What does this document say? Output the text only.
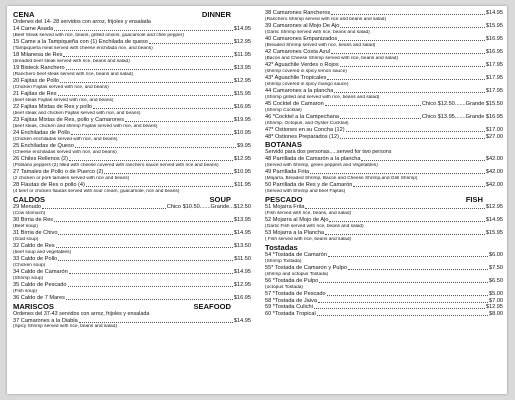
CENA	DINNER
Órdenes del 14- 28 servidos con arroz, frijoles y ensalada
14 Carne Asada	$14.95
(Beef Steak served with rice, beans, grilled onions, guacamole and chile pepper)
15 Came a la Tampiqueña con (1) Enchilada de queso	$12.95
(Tampiqueña meat served with cheese enchilada rice, and beans)
18 Milanesa de Res	$11.95
(breaded beef steak served with rice, beans and salad)
19 Bisteck Ranchero	$13.95
(Ranchero beef steak served with rice, beans and salad)
20 Fajitas de Pollo	$12.95
(Chicken Fajitas served with rice, and beans)
21 Fajitas de Res	$15.95
(beef steak Fajitas served with rice, and beans)
22 Fajitas Mixtas de Res y pollo	$16.95
(beef steak and chicken Fajitas served with rice, and beans)
23 Fajitas Mixtas de Res, pollo y Camarones	$19.95
(beef steak, chicken and shrimp Fajitas served with rice, and beans)
24 Enchiladas de Pollo	$10.95
(Chicken enchiladas served with rice, and beans)
25 Enchiladas de Queso	$9.95
(Cheese enchiladas served with rice, and beans)
26 Chiles Rellenos (2)	$12.95
(Poblano peppers (2) filled with cheese covered with ranchero sauce served with rice and beans)
27 Tamales de Pollo o de Puerco (2)	$10.95
(2 chicken or pork tamales served with rice and beans)
28 Flautas de Res o pollo (4)	$11.95
(4 beef or chicken flautas served with sour cream, guacamole, rice and beans)
CALDOS	SOUP
29 Menudo	Chico $10.50.......Grande...$12.50
(Cow stomach)
30 Birria de Res	$13.95
(Beef soup)
31 Birria de Chivo	$14.95
(Goat soup)
32 Caldo de Res	$13.50
(beef soup and vegetables)
33 Caldo de Pollo	$11.50
(Chicken soup)
34 Caldo de Camarón	$14.95
(Shrimp soup)
35 Caldo de Pescado	$12.95
(Fish soup)
36 Caldo de 7 Mares	$16.95
MARISCOS	SEAFOOD
Órdenes del 37-43 servidos con arroz, frijoles y ensalada
37 Camarones a la Diabla	$14.95
(Spicy Shrimp served with rice, beans and salad)
38 Camarones Rancheros	$14.95
(Ranchero Shrimp served with rice and beans and salad)
39 Camarones al Mojo De Ajo	$15.95
(Garlic Shrimp served with rice, beans and salad)
40 Camarones Empanizados	$16.95
(Breaded Shrimp served with rice, beans and salad)
42 Camarones Costa Azul	$16.95
(Bacon and Cheese Shrimp served with rice, beans and salad)
42* Aguachile Verdes o Rojos	$17.95
(shrimp covered in spicy lemon sauce)
43* Aguachile Tropicales	$17.95
(shrimp covered in spicy mango sauce)
44 Camarones a la plancha	$17.95
(Shrimp grilled and served with rice, beans and salad)
45 Cocktel de Camaron	Chico $12.50.......Grande $15.50
(Shrimp Cocktail)
46 *Cocktel a la Campechana	Chico $13.95.......Grande $16.95
(Shrimp, Octopus, and Oyster Cocktail)
47* Ostiones en su Concha (12)	$17.00
48* Ostiones Preparados (12)	$27.00
BOTANAS
Servido para dos personas.....served for two persons
48 Parrillada de Camarón a la plancha	$42.00
(Served with Shrimp, green peppers and Vegetables)
49 Parrillada Frita	$42.00
(Mojarra, Breaded Shrimp, Bacon and Cheese Shrimp,and Grill Shrimp)
50 Parrillada de Res y de Camarón	$42.00
(Served with Shrimp and beef Fajitas)
PESCADO	FISH
51 Mojarra Frita	$12.95
(Fish served with rice, beans, and salad)
52 Mojarra al Mojo de Ajo	$14.95
(Garlic Fish served with rice, beans and salad)
53 Mojarra a la Plancha	$15.95
( Fish served with rice, beans and salad)
Tostadas
54 *Tostada de Camarón	$6.00
(Shrimp Tostada)
55* Tostada de Camaron y Pulpo	$7.50
(shrimp and octopus Tostada)
56 *Tostada de Pulpo	$6.50
(octopus Tostada)
57 *Tostada de Pescado	$5.00
58 *Tostada de Jaiva	$7.00
59 *Tostada Culichi	$12.95
60 *Tostada Tropical	$8.00
